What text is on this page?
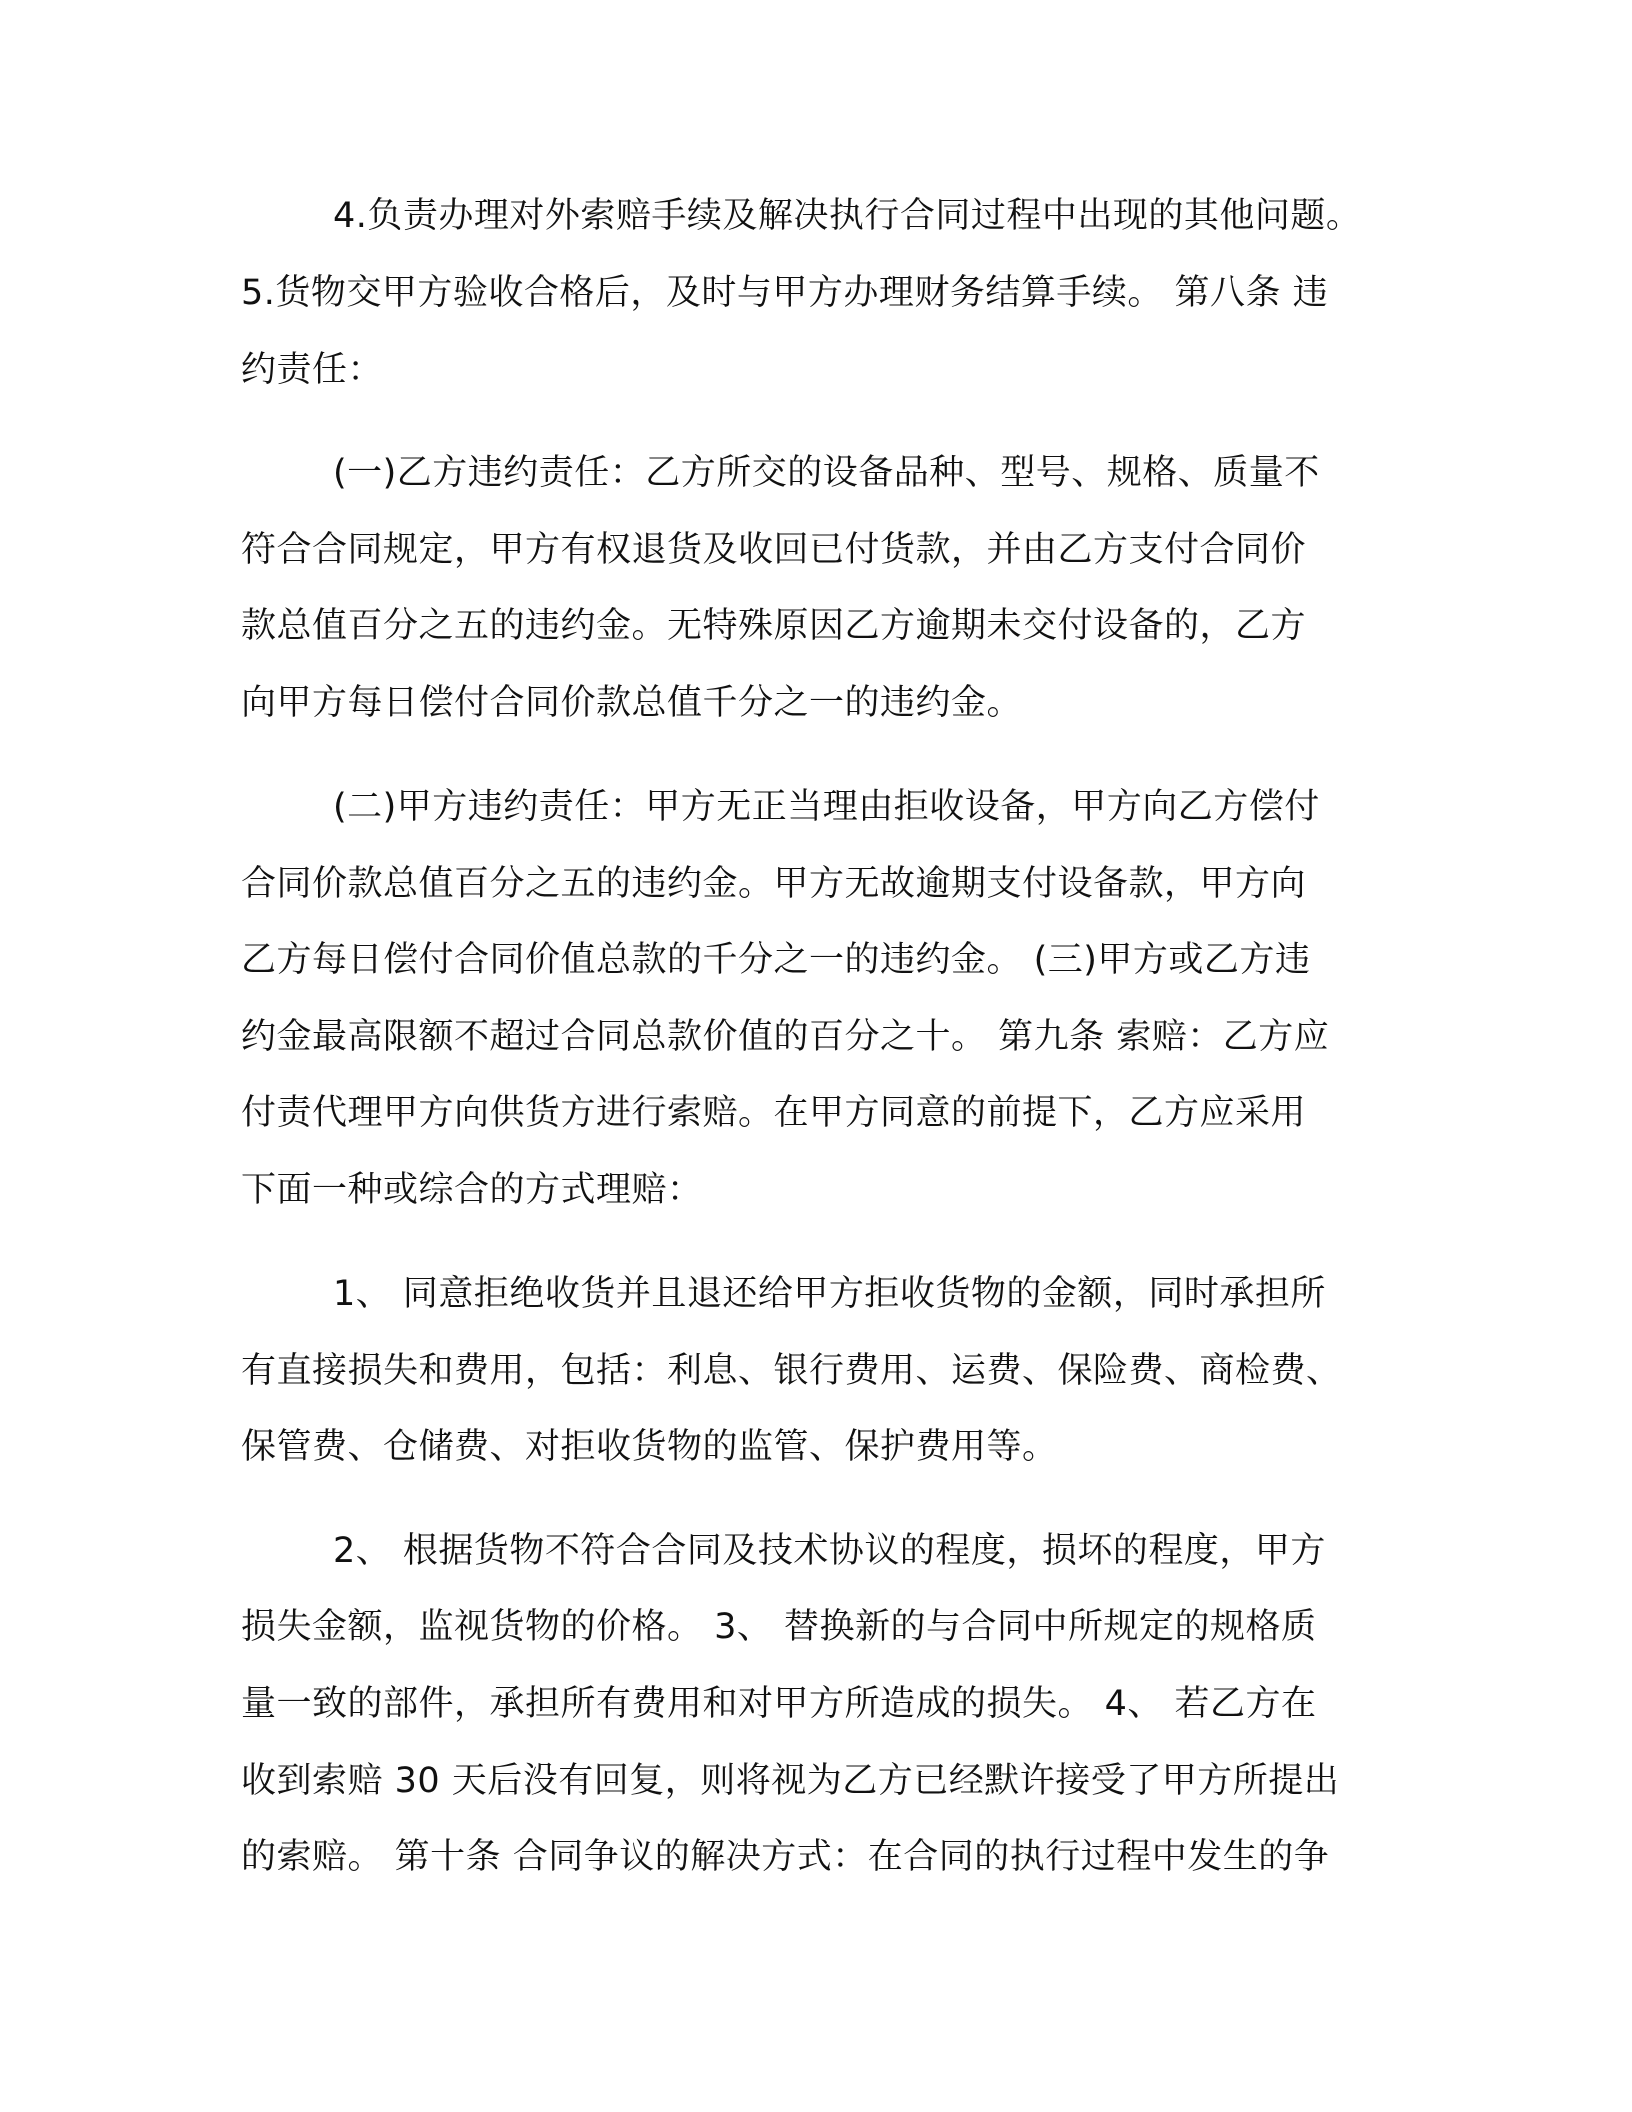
4.负责办理对外索赔手续及解决执行合同过程中出现的其他问题。
5.货物交甲方验收合格后，及时与甲方办理财务结算手续。 第八条 违
约责任：
(一)乙方违约责任：乙方所交的设备品种、型号、规格、质量不
符合合同规定，甲方有权退货及收回已付货款，并由乙方支付合同价
款总值百分之五的违约金。无特殊原因乙方逾期未交付设备的，乙方
向甲方每日偿付合同价款总值千分之一的违约金。
(二)甲方违约责任：甲方无正当理由拒收设备，甲方向乙方偿付
合同价款总值百分之五的违约金。甲方无故逾期支付设备款，甲方向
乙方每日偿付合同价值总款的千分之一的违约金。 (三)甲方或乙方违
约金最高限额不超过合同总款价值的百分之十。 第九条 索赔：乙方应
付责代理甲方向供货方进行索赔。在甲方同意的前提下，乙方应采用
下面一种或综合的方式理赔：
1、 同意拒绝收货并且退还给甲方拒收货物的金额，同时承担所
有直接损失和费用，包括：利息、银行费用、运费、保险费、商检费、
保管费、仓储费、对拒收货物的监管、保护费用等。
2、 根据货物不符合合同及技术协议的程度，损坏的程度，甲方
损失金额，监视货物的价格。 3、 替换新的与合同中所规定的规格质
量一致的部件，承担所有费用和对甲方所造成的损失。 4、 若乙方在
收到索赔 30 天后没有回复，则将视为乙方已经默许接受了甲方所提出
的索赔。 第十条 合同争议的解决方式：在合同的执行过程中发生的争
